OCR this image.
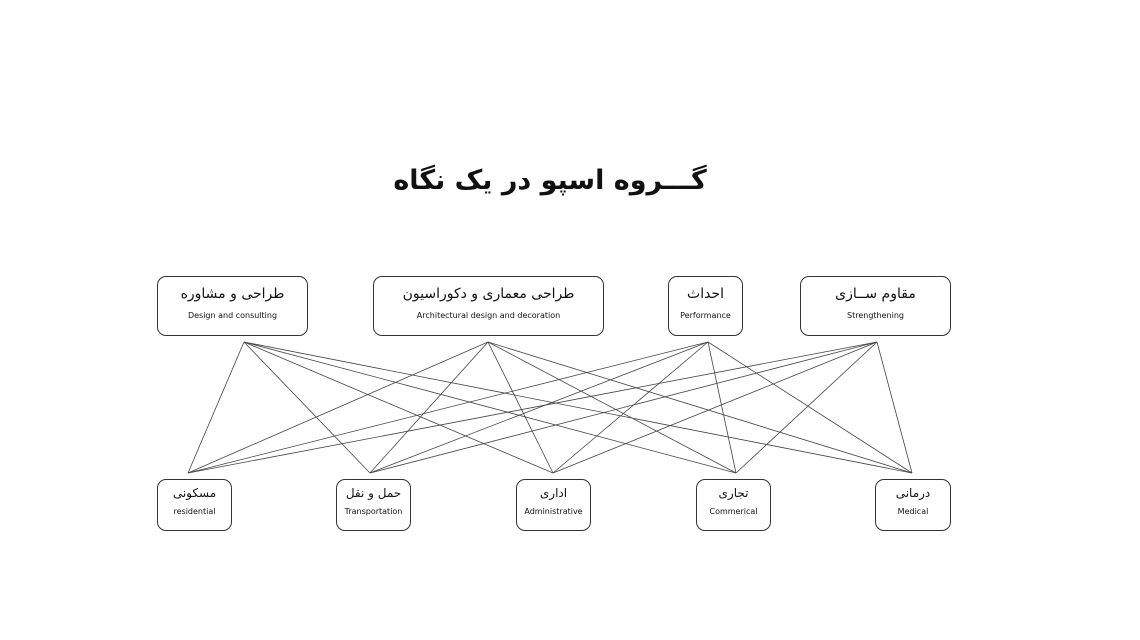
گـــروه اسپو در یک نگاه
طراحی و مشاوره
Design and consulting
طراحی معماری و دکوراسیون
Architectural design and decoration
احداث
Performance
مقاوم ســازی
Strengthening
مسکونی
residential
حمل و نقل
Transportation
اداری
Administrative
تجاری
Commerical
درمانی
Medical
